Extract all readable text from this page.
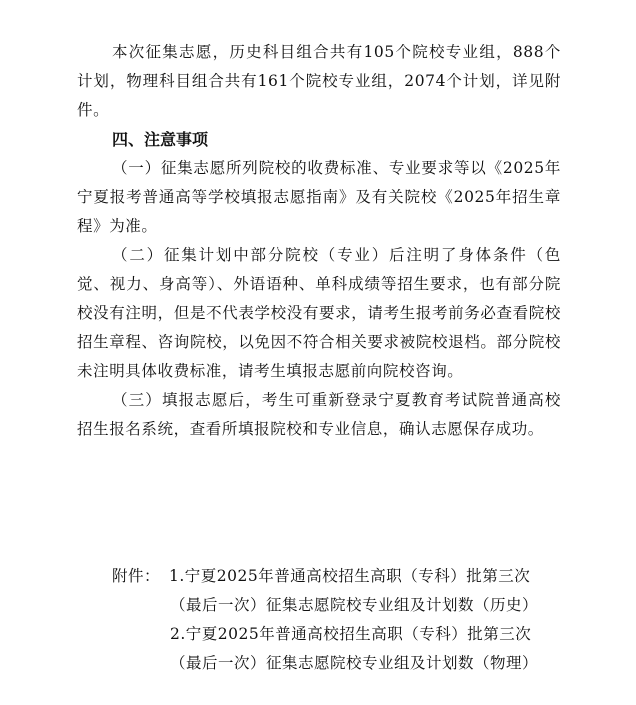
本次征集志愿，历史科目组合共有105个院校专业组，888个计划，物理科目组合共有161个院校专业组，2074个计划，详见附件。

四、注意事项

（一）征集志愿所列院校的收费标准、专业要求等以《2025年宁夏报考普通高等学校填报志愿指南》及有关院校《2025年招生章程》为准。

（二）征集计划中部分院校（专业）后注明了身体条件（色觉、视力、身高等）、外语语种、单科成绩等招生要求，也有部分院校没有注明，但是不代表学校没有要求，请考生报考前务必查看院校招生章程、咨询院校，以免因不符合相关要求被院校退档。部分院校未注明具体收费标准，请考生填报志愿前向院校咨询。

（三）填报志愿后，考生可重新登录宁夏教育考试院普通高校招生报名系统，查看所填报院校和专业信息，确认志愿保存成功。

附件： 1.宁夏2025年普通高校招生高职（专科）批第三次
（最后一次）征集志愿院校专业组及计划数（历史）
2.宁夏2025年普通高校招生高职（专科）批第三次
（最后一次）征集志愿院校专业组及计划数（物理）
